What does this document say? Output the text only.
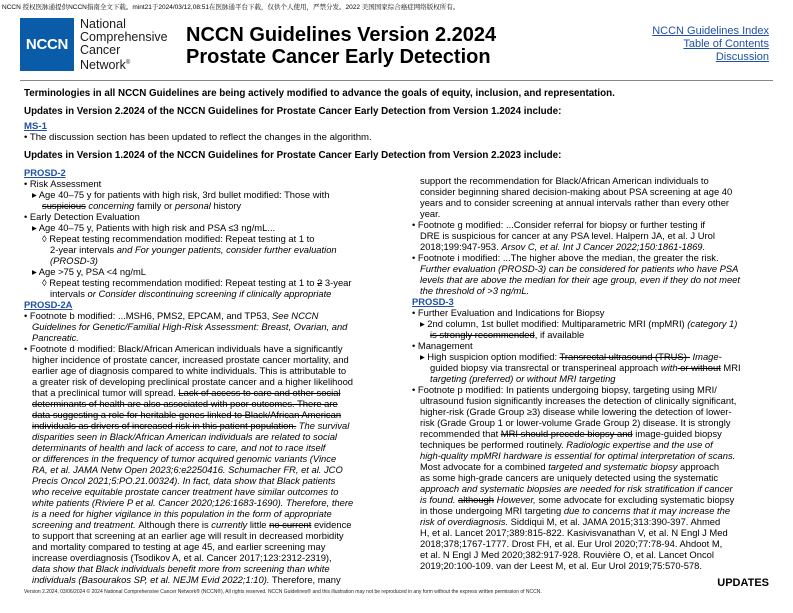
NCCN 授权医脉通提供NCCN指南全文下载。mint21于2024/03/12,08:51在医脉通平台下载，仅供个人使用，严禁分发。2022 美国国家综合癌症网络版权所有。
NCCN
National
Comprehensive
Cancer
Network®
NCCN Guidelines Version 2.2024
Prostate Cancer Early Detection
NCCN Guidelines Index
Table of Contents
Discussion

Terminologies in all NCCN Guidelines are being actively modified to advance the goals of equity, inclusion, and representation.

Updates in Version 2.2024 of the NCCN Guidelines for Prostate Cancer Early Detection from Version 1.2024 include:

MS-1

• The discussion section has been updated to reflect the changes in the algorithm.

Updates in Version 1.2024 of the NCCN Guidelines for Prostate Cancer Early Detection from Version 2.2023 include:

PROSD-2

• Risk Assessment

▸ Age 40–75 y for patients with high risk, 3rd bullet modified: Those with

suspicious concerning family or personal history

• Early Detection Evaluation

▸ Age 40–75 y, Patients with high risk and PSA ≤3 ng/mL...

◊ Repeat testing recommendation modified: Repeat testing at 1 to

2-year intervals and For younger patients, consider further evaluation

(PROSD-3)

▸ Age >75 y, PSA <4 ng/mL

◊ Repeat testing recommendation modified: Repeat testing at 1 to 2 3-year

intervals or Consider discontinuing screening if clinically appropriate

PROSD-2A

• Footnote b modified: ...MSH6, PMS2, EPCAM, and TP53, See NCCN

Guidelines for Genetic/Familial High-Risk Assessment: Breast, Ovarian, and

Pancreatic.

• Footnote d modified: Black/African American individuals have a significantly

higher incidence of prostate cancer, increased prostate cancer mortality, and

earlier age of diagnosis compared to white individuals. This is attributable to

a greater risk of developing preclinical prostate cancer and a higher likelihood

that a preclinical tumor will spread. Lack of access to care and other social

determinants of health are also associated with poor outcomes. There are

data suggesting a role for heritable genes linked to Black/African American

individuals as drivers of increased risk in this patient population. The survival

disparities seen in Black/African American individuals are related to social

determinants of health and lack of access to care, and not to race itself

or differences in the frequency of tumor acquired genomic variants (Vince

RA, et al. JAMA Netw Open 2023;6:e2250416. Schumacher FR, et al. JCO

Precis Oncol 2021;5:PO.21.00324). In fact, data show that Black patients

who receive equitable prostate cancer treatment have similar outcomes to

white patients (Riviere P et al. Cancer 2020;126:1683-1690). Therefore, there

is a need for higher vigilance in this population in the form of appropriate

screening and treatment. Although there is currently little no current evidence

to support that screening at an earlier age will result in decreased morbidity

and mortality compared to testing at age 45, and earlier screening may

increase overdiagnosis (Tsodikov A, et al. Cancer 2017;123:2312-2319),

data show that Black individuals benefit more from screening than white

individuals (Basourakos SP, et al. NEJM Evid 2022;1:10). Therefore, many

support the recommendation for Black/African American individuals to

consider beginning shared decision-making about PSA screening at age 40

years and to consider screening at annual intervals rather than every other

year.

• Footnote g modified: ...Consider referral for biopsy or further testing if

DRE is suspicious for cancer at any PSA level. Halpern JA, et al. J Urol

2018;199:947-953. Arsov C, et al. Int J Cancer 2022;150:1861-1869.

• Footnote i modified: ...The higher above the median, the greater the risk.

Further evaluation (PROSD-3) can be considered for patients who have PSA

levels that are above the median for their age group, even if they do not meet

the threshold of >3 ng/mL.

PROSD-3

• Further Evaluation and Indications for Biopsy

▸ 2nd column, 1st bullet modified: Multiparametric MRI (mpMRI) (category 1)

is strongly recommended, if available

• Management

▸ High suspicion option modified: Transrectal ultrasound (TRUS)- Image-

guided biopsy via transrectal or transperineal approach with or without MRI

targeting (preferred) or without MRI targeting

• Footnote p modified: In patients undergoing biopsy, targeting using MRI/

ultrasound fusion significantly increases the detection of clinically significant,

higher-risk (Grade Group ≥3) disease while lowering the detection of lower-

risk (Grade Group 1 or lower-volume Grade Group 2) disease. It is strongly

recommended that MRI should precede biopsy and image-guided biopsy

techniques be performed routinely. Radiologic expertise and the use of

high-quality mpMRI hardware is essential for optimal interpretation of scans.

Most advocate for a combined targeted and systematic biopsy approach

as some high-grade cancers are uniquely detected using the systematic

approach and systematic biopsies are needed for risk stratification if cancer

is found. although However, some advocate for excluding systematic biopsy

in those undergoing MRI targeting due to concerns that it may increase the

risk of overdiagnosis. Siddiqui M, et al. JAMA 2015;313:390-397. Ahmed

H, et al. Lancet 2017;389:815-822. Kasivisvanathan V, et al. N Engl J Med

2018;378;1767-1777. Drost FH, et al. Eur Urol 2020;77:78-94. Ahdoot M,

et al. N Engl J Med 2020;382:917-928. Rouvière O, et al. Lancet Oncol

2019;20:100-109. van der Leest M, et al. Eur Urol 2019;75:570-578.

UPDATES
Version 2.2024, 03/06/2024 © 2024 National Comprehensive Cancer Network® (NCCN®), All rights reserved. NCCN Guidelines® and this illustration may not be reproduced in any form without the express written permission of NCCN.
